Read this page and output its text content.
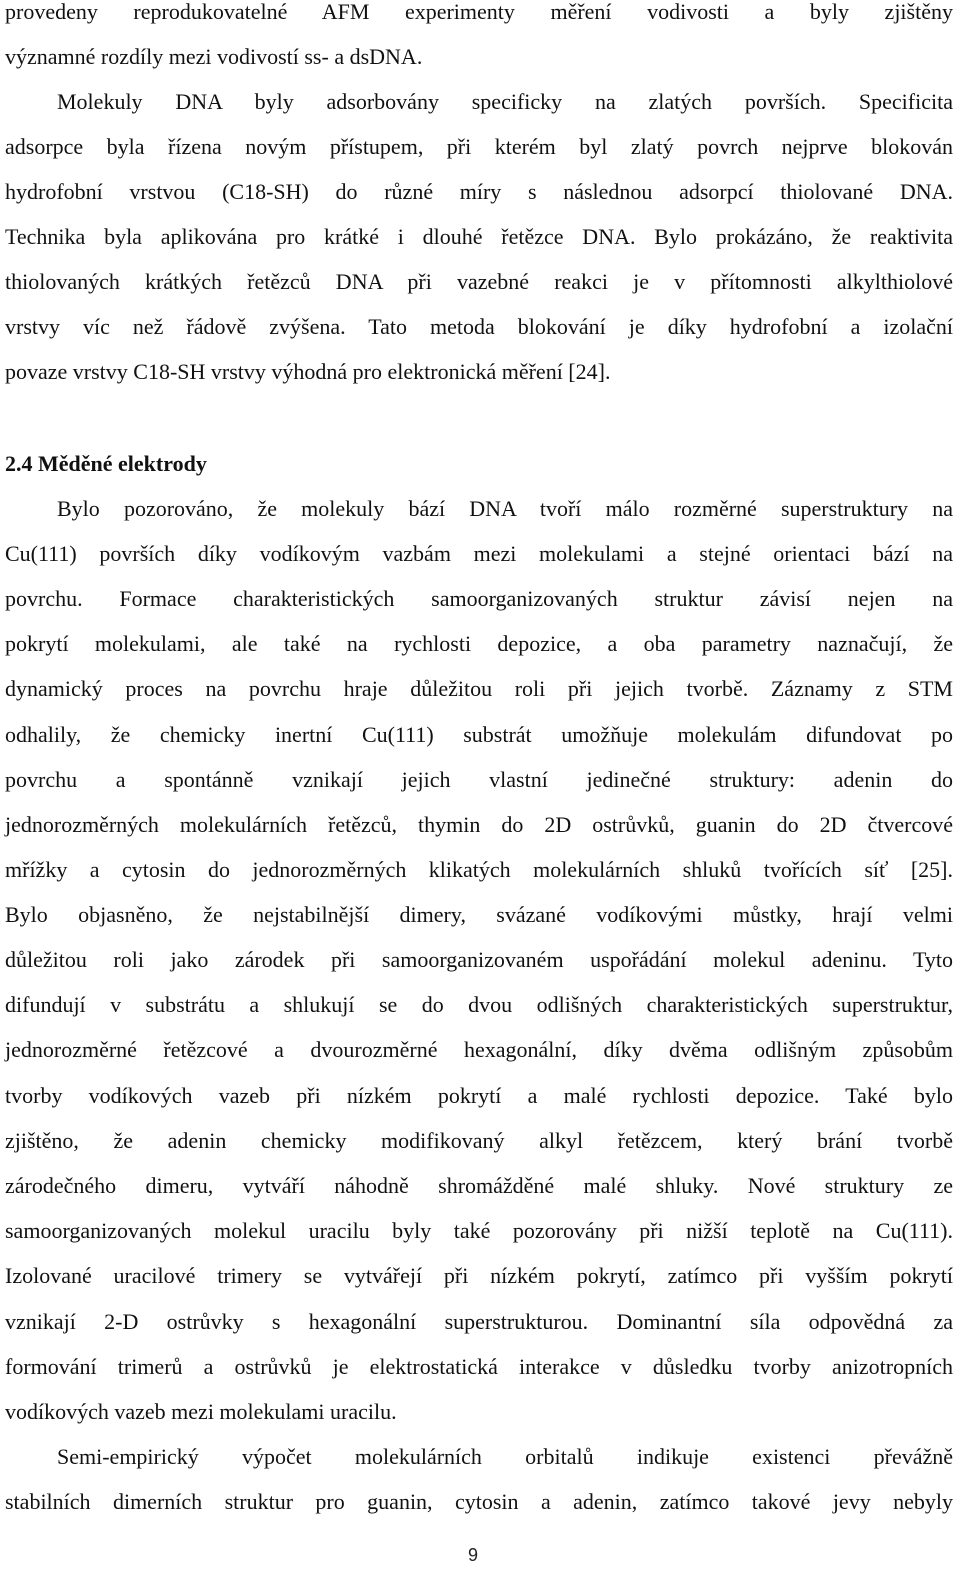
provedeny reprodukovatelné AFM experimenty měření vodivosti a byly zjištěny
významné rozdíly mezi vodivostí ss- a dsDNA.
Molekuly DNA byly adsorbovány specificky na zlatých površích. Specificita
adsorpce byla řízena novým přístupem, při kterém byl zlatý povrch nejprve blokován
hydrofobní vrstvou (C18-SH) do různé míry s následnou adsorpcí thiolované DNA.
Technika byla aplikována pro krátké i dlouhé řetězce DNA. Bylo prokázáno, že reaktivita
thiolovaných krátkých řetězců DNA při vazebné reakci je v přítomnosti alkylthiolové
vrstvy víc než řádově zvýšena. Tato metoda blokování je díky hydrofobní a izolační
povaze vrstvy C18-SH vrstvy výhodná pro elektronická měření [24].
2.4 Měděné elektrody
Bylo pozorováno, že molekuly bází DNA tvoří málo rozměrné superstruktury na
Cu(111) površích díky vodíkovým vazbám mezi molekulami a stejné orientaci bází na
povrchu. Formace charakteristických samoorganizovaných struktur závisí nejen na
pokrytí molekulami, ale také na rychlosti depozice, a oba parametry naznačují, že
dynamický proces na povrchu hraje důležitou roli při jejich tvorbě. Záznamy z STM
odhalily, že chemicky inertní Cu(111) substrát umožňuje molekulám difundovat po
povrchu a spontánně vznikají jejich vlastní jedinečné struktury: adenin do
jednorozměrných molekulárních řetězců, thymin do 2D ostrůvků, guanin do 2D čtvercové
mřížky a cytosin do jednorozměrných klikatých molekulárních shluků tvořících síť [25].
Bylo objasněno, že nejstabilnější dimery, svázané vodíkovými můstky, hrají velmi
důležitou roli jako zárodek při samoorganizovaném uspořádání molekul adeninu. Tyto
difundují v substrátu a shlukují se do dvou odlišných charakteristických superstruktur,
jednorozměrné řetězcové a dvourozměrné hexagonální, díky dvěma odlišným způsobům
tvorby vodíkových vazeb při nízkém pokrytí a malé rychlosti depozice. Také bylo
zjištěno, že adenin chemicky modifikovaný alkyl řetězcem, který brání tvorbě
zárodečného dimeru, vytváří náhodně shromážděné malé shluky. Nové struktury ze
samoorganizovaných molekul uracilu byly také pozorovány při nižší teplotě na Cu(111).
Izolované uracilové trimery se vytvářejí při nízkém pokrytí, zatímco při vyšším pokrytí
vznikají 2-D ostrůvky s hexagonální superstrukturou. Dominantní síla odpovědná za
formování trimerů a ostrůvků je elektrostatická interakce v důsledku tvorby anizotropních
vodíkových vazeb mezi molekulami uracilu.
Semi-empirický výpočet molekulárních orbitalů indikuje existenci převážně
stabilních dimerních struktur pro guanin, cytosin a adenin, zatímco takové jevy nebyly
9
